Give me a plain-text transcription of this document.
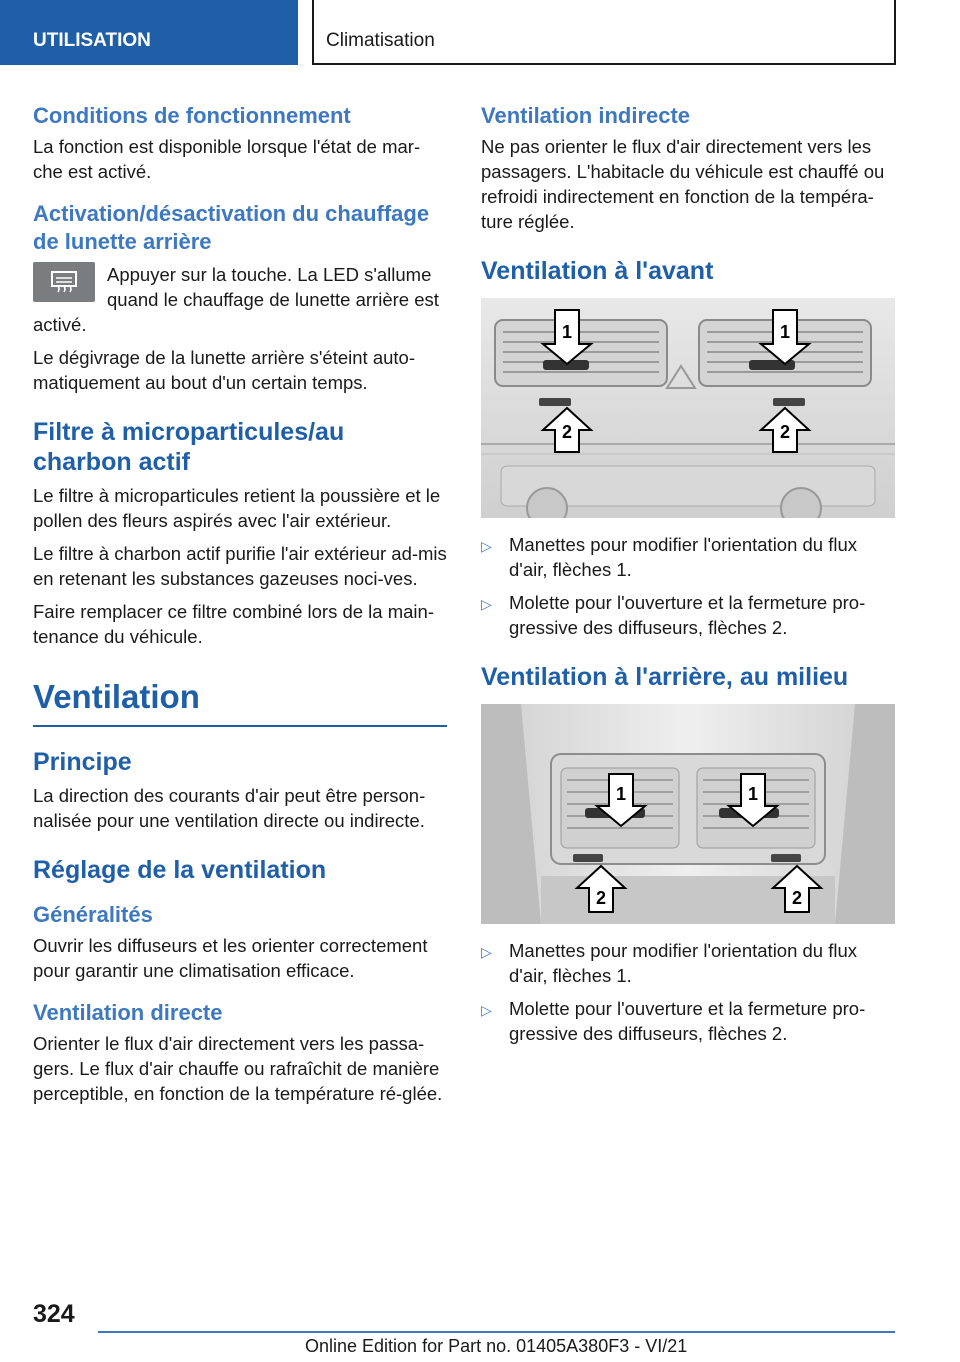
UTILISATION	Climatisation
Conditions de fonctionnement

La fonction est disponible lorsque l'état de mar-che est activé.

Activation/désactivation du chauffage de lunette arrière

Appuyer sur la touche. La LED s'allume quand le chauffage de lunette arrière est activé.

Le dégivrage de la lunette arrière s'éteint auto-matiquement au bout d'un certain temps.

Filtre à microparticules/au charbon actif

Le filtre à microparticules retient la poussière et le pollen des fleurs aspirés avec l'air extérieur.

Le filtre à charbon actif purifie l'air extérieur ad-mis en retenant les substances gazeuses noci-ves.

Faire remplacer ce filtre combiné lors de la main-tenance du véhicule.

Ventilation
Principe

La direction des courants d'air peut être person-nalisée pour une ventilation directe ou indirecte.

Réglage de la ventilation
Généralités

Ouvrir les diffuseurs et les orienter correctement pour garantir une climatisation efficace.

Ventilation directe

Orienter le flux d'air directement vers les passa-gers. Le flux d'air chauffe ou rafraîchit de manière perceptible, en fonction de la température ré-glée.

Ventilation indirecte

Ne pas orienter le flux d'air directement vers les passagers. L'habitacle du véhicule est chauffé ou refroidi indirectement en fonction de la tempéra-ture réglée.

Ventilation à l'avant
1	1
2	2
▷ Manettes pour modifier l'orientation du flux d'air, flèches 1.
▷ Molette pour l'ouverture et la fermeture pro-gressive des diffuseurs, flèches 2.
Ventilation à l'arrière, au milieu
1	1
2	2
▷ Manettes pour modifier l'orientation du flux d'air, flèches 1.
▷ Molette pour l'ouverture et la fermeture pro-gressive des diffuseurs, flèches 2.
324
Online Edition for Part no. 01405A380F3 - VI/21
